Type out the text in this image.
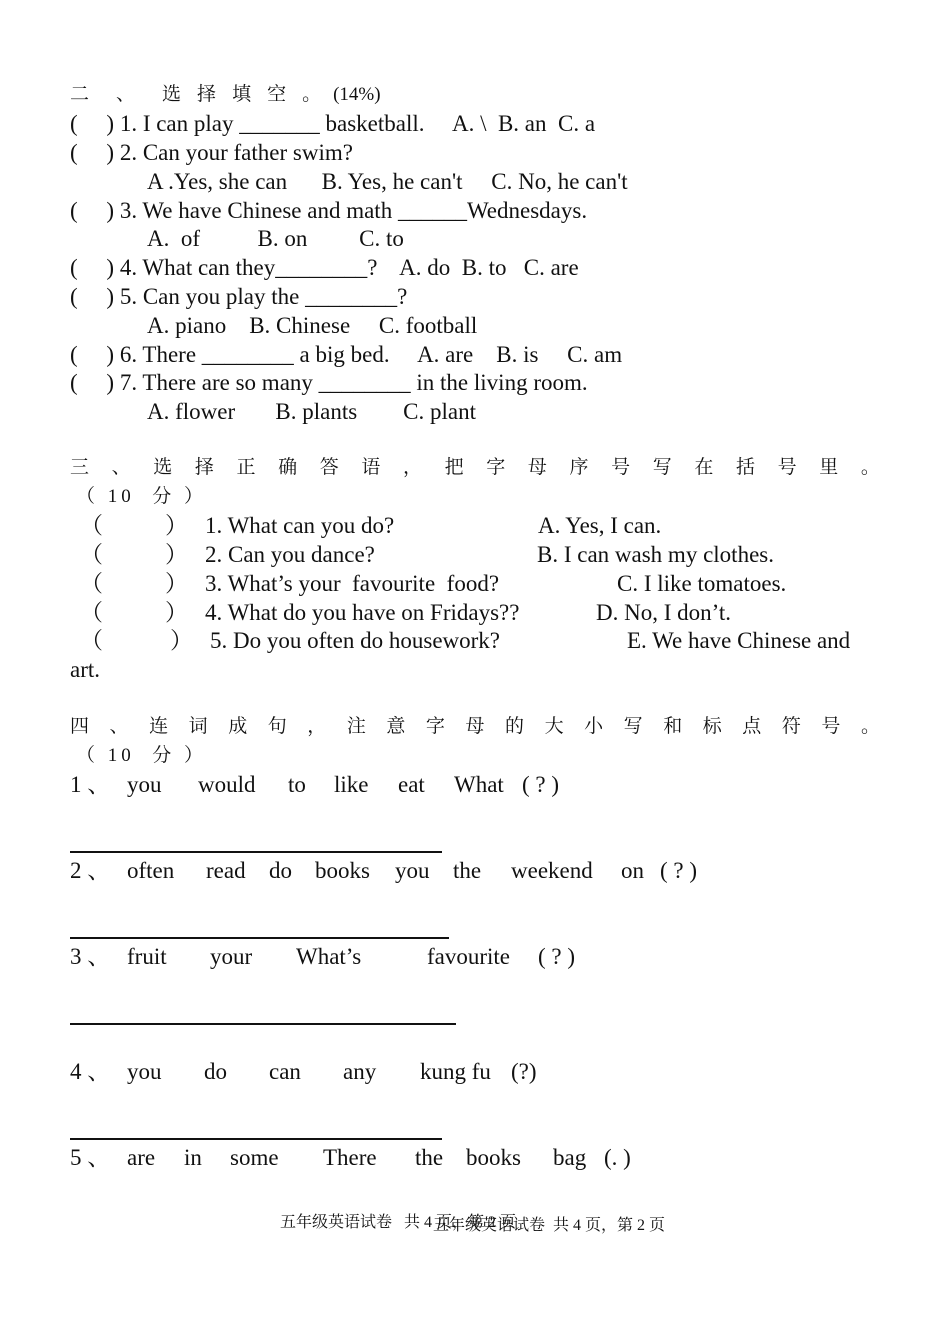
二 、 选 择 填 空 。 (14%)
(     ) 1. I can play _______ basketball.     A. \  B. an  C. a
(     ) 2. Can your father swim?
A .Yes, she can      B. Yes, he can't     C. No, he can't
(     ) 3. We have Chinese and math ______Wednesdays.
A.  of          B. on         C. to
(     ) 4. What can they________?    A. do  B. to   C. are
(     ) 5. Can you play the ________?
A. piano    B. Chinese     C. football
(     ) 6. There ________ a big bed.     A. are    B. is     C. am
(     ) 7. There are so many ________ in the living room.
A. flower       B. plants        C. plant
三 、 选 择 正 确 答 语 ， 把 字 母 序 号 写 在 括 号 里 。
（ 10  分 ）
（	） 1. What can you do?	A. Yes, I can.
（	） 2. Can you dance?	B. I can wash my clothes.
（	） 3. What’s your  favourite  food?	C. I like tomatoes.
（	） 4. What do you have on Fridays??	D. No, I don’t.
（	） 5. Do you often do housework?	E. We have Chinese and
art.
四 、 连 词 成 句 ， 注 意 字 母 的 大 小 写 和 标 点 符 号 。
（ 10  分 ）
1 、 you would to like eat What ( ? )
2 、 often read do books you the weekend on ( ? )
3 、 fruit your What’s	favourite ( ? )
4 、 you do can any kung fu (?)
5 、 are in some There the books bag (. )
五年级英语试卷   共 4 页，第 2 页
五年级英语试卷  共 4 页，第 2 页
